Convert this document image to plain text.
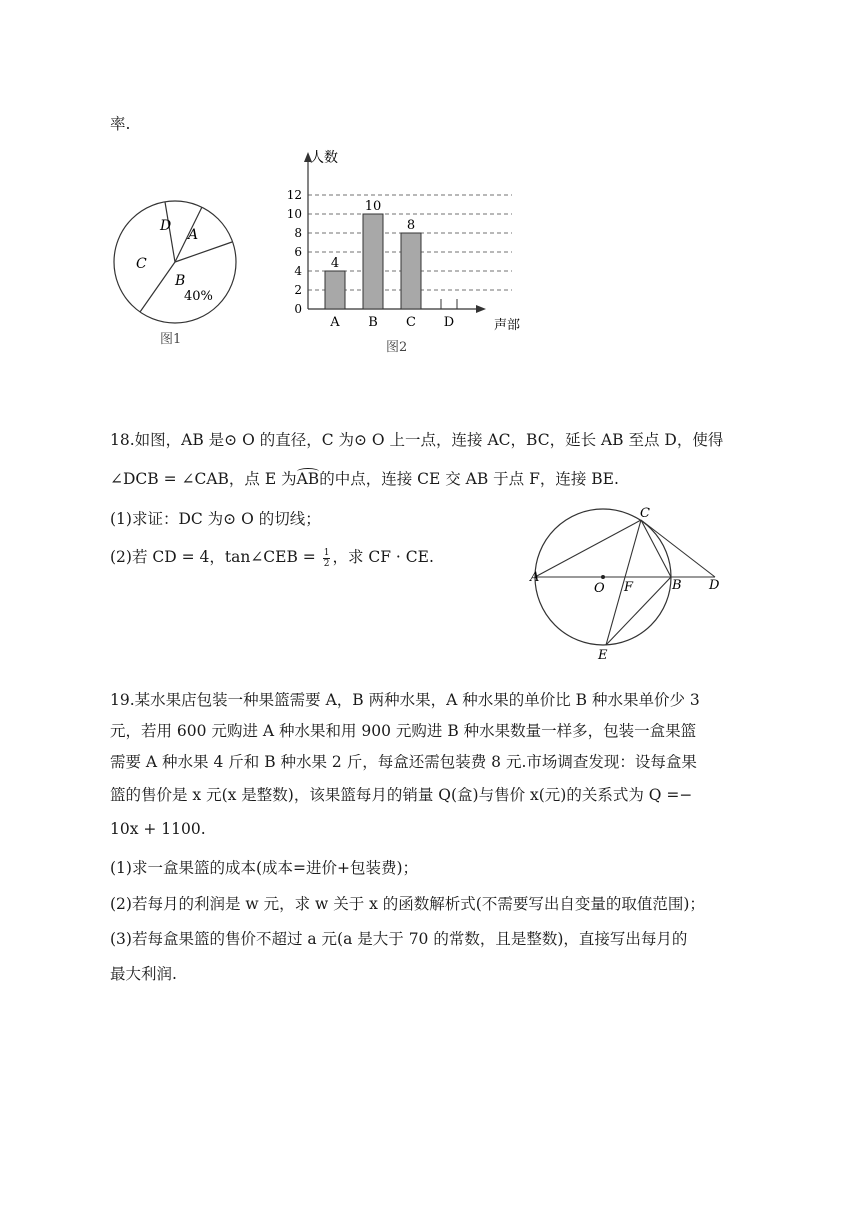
率.
D
A
C
B
40%
图1
人数
声部
0
2
4
6
8
10
12
4
10
8
A B C D
图2
18.如图，AB 是⊙ O 的直径，C 为⊙ O 上一点，连接 AC，BC，延长 AB 至点 D，使得
∠DCB = ∠CAB，点 E 为AB的中点，连接 CE 交 AB 于点 F，连接 BE.
(1)求证：DC 为⊙ O 的切线；
(2)若 CD = 4，tan∠CEB = $\frac{1}{2}$ ，求 CF · CE.
A
C
O F	B D
E
19.某水果店包装一种果篮需要 A，B 两种水果，A 种水果的单价比 B 种水果单价少 3
元，若用 600 元购进 A 种水果和用 900 元购进 B 种水果数量一样多，包装一盒果篮
需要 A 种水果 4 斤和 B 种水果 2 斤，每盒还需包装费 8 元.市场调查发现：设每盒果
篮的售价是 x 元(x 是整数)，该果篮每月的销量 Q(盒)与售价 x(元)的关系式为 Q =−
10x + 1100.
(1)求一盒果篮的成本(成本=进价+包装费)；
(2)若每月的利润是 w 元，求 w 关于 x 的函数解析式(不需要写出自变量的取值范围)；
(3)若每盒果篮的售价不超过 a 元(a 是大于 70 的常数，且是整数)，直接写出每月的
最大利润.
